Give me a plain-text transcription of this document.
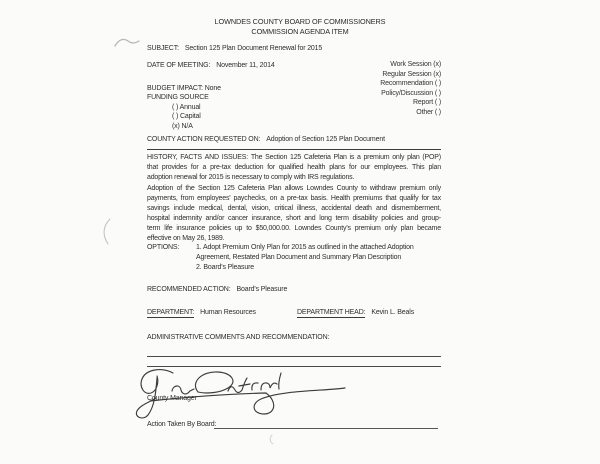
LOWNDES COUNTY BOARD OF COMMISSIONERS
COMMISSION AGENDA ITEM
SUBJECT: Section 125 Plan Document Renewal for 2015
DATE OF MEETING: November 11, 2014	Work Session (x)
Regular Session (x)
Recommendation ( )
Policy/Discussion ( )
Report ( )
Other ( )
BUDGET IMPACT: None
FUNDING SOURCE
( ) Annual
( ) Capital
(x) N/A
COUNTY ACTION REQUESTED ON: Adoption of Section 125 Plan Document
HISTORY, FACTS AND ISSUES: The Section 125 Cafeteria Plan is a premium only plan (POP)
that provides for a pre-tax deduction for qualified health plans for our employees. This plan
adoption renewal for 2015 is necessary to comply with IRS regulations.
Adoption of the Section 125 Cafeteria Plan allows Lowndes County to withdraw premium only
payments, from employees' paychecks, on a pre-tax basis. Health premiums that qualify for tax
savings include medical, dental, vision, critical illness, accidental death and dismemberment,
hospital indemnity and/or cancer insurance, short and long term disability policies and group-
term life insurance policies up to $50,000.00. Lowndes County's premium only plan became
effective on May 26, 1989.
OPTIONS:	1. Adopt Premium Only Plan for 2015 as outlined in the attached Adoption
Agreement, Restated Plan Document and Summary Plan Description
2. Board's Pleasure
RECOMMENDED ACTION: Board's Pleasure
DEPARTMENT: Human Resources	DEPARTMENT HEAD: Kevin L. Beals
ADMINISTRATIVE COMMENTS AND RECOMMENDATION:
County Manager
Action Taken By Board:
